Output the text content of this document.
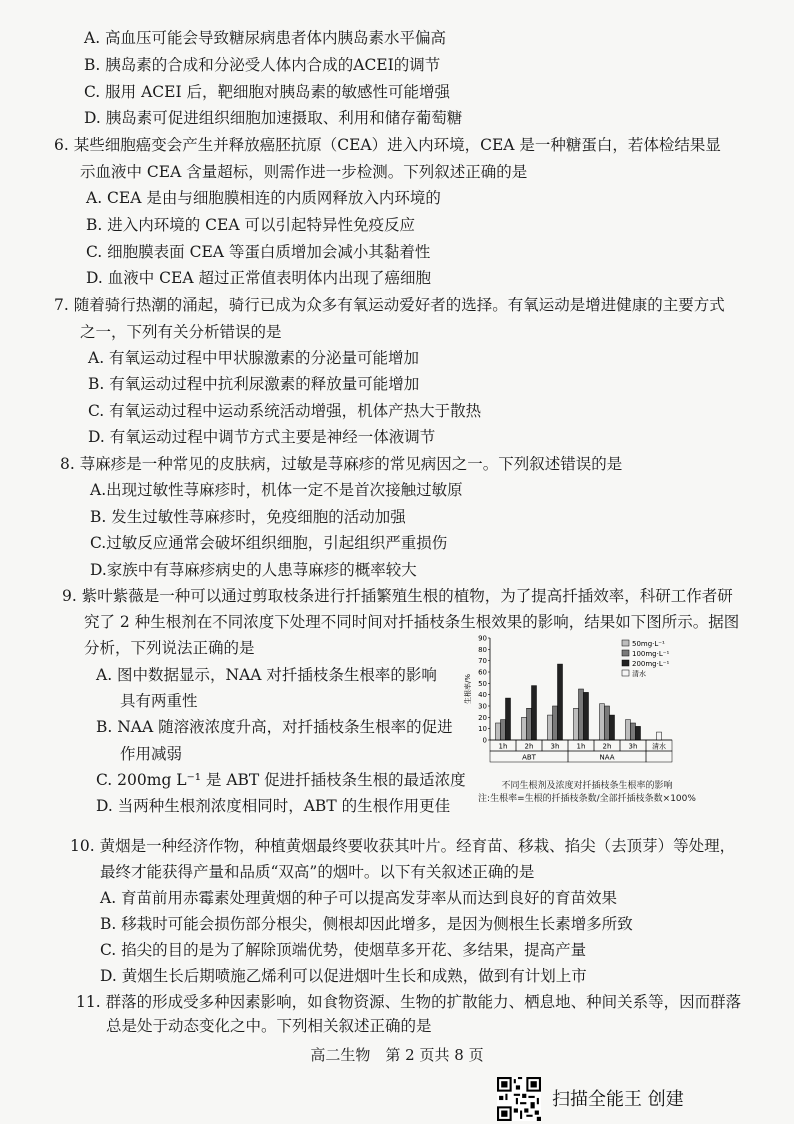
A. 高血压可能会导致糖尿病患者体内胰岛素水平偏高
B. 胰岛素的合成和分泌受人体内合成的ACEI的调节
C. 服用 ACEI 后，靶细胞对胰岛素的敏感性可能增强
D. 胰岛素可促进组织细胞加速摄取、利用和储存葡萄糖
6. 某些细胞癌变会产生并释放癌胚抗原（CEA）进入内环境，CEA 是一种糖蛋白，若体检结果显
示血液中 CEA 含量超标，则需作进一步检测。下列叙述正确的是
A. CEA 是由与细胞膜相连的内质网释放入内环境的
B. 进入内环境的 CEA 可以引起特异性免疫反应
C. 细胞膜表面 CEA 等蛋白质增加会减小其黏着性
D. 血液中 CEA 超过正常值表明体内出现了癌细胞
7. 随着骑行热潮的涌起，骑行已成为众多有氧运动爱好者的选择。有氧运动是增进健康的主要方式
之一，下列有关分析错误的是
A. 有氧运动过程中甲状腺激素的分泌量可能增加
B. 有氧运动过程中抗利尿激素的释放量可能增加
C. 有氧运动过程中运动系统活动增强，机体产热大于散热
D. 有氧运动过程中调节方式主要是神经一体液调节
8. 荨麻疹是一种常见的皮肤病，过敏是荨麻疹的常见病因之一。下列叙述错误的是
A.出现过敏性荨麻疹时，机体一定不是首次接触过敏原
B. 发生过敏性荨麻疹时，免疫细胞的活动加强
C.过敏反应通常会破坏组织细胞，引起组织严重损伤
D.家族中有荨麻疹病史的人患荨麻疹的概率较大
9. 紫叶紫薇是一种可以通过剪取枝条进行扦插繁殖生根的植物，为了提高扦插效率，科研工作者研
究了 2 种生根剂在不同浓度下处理不同时间对扦插枝条生根效果的影响，结果如下图所示。据图
分析，下列说法正确的是
A. 图中数据显示，NAA 对扦插枝条生根率的影响
具有两重性
B. NAA 随溶液浓度升高，对扦插枝条生根率的促进
作用减弱
C. 200mg L⁻¹ 是 ABT 促进扦插枝条生根的最适浓度
D. 当两种生根剂浓度相同时，ABT 的生根作用更佳
生根率/%
0
10
20
30
40
50
60
70
80
90
1h 2h 3h 1h 2h 3h 清水
ABT	NAA
50mg·L⁻¹
100mg·L⁻¹
200mg·L⁻¹
清水
不同生根剂及浓度对扦插枝条生根率的影响
注:生根率=生根的扦插枝条数/全部扦插枝条数×100%
10. 黄烟是一种经济作物，种植黄烟最终要收获其叶片。经育苗、移栽、掐尖（去顶芽）等处理，
最终才能获得产量和品质“双高”的烟叶。以下有关叙述正确的是
A. 育苗前用赤霉素处理黄烟的种子可以提高发芽率从而达到良好的育苗效果
B. 移栽时可能会损伤部分根尖，侧根却因此增多，是因为侧根生长素增多所致
C. 掐尖的目的是为了解除顶端优势，使烟草多开花、多结果，提高产量
D. 黄烟生长后期喷施乙烯利可以促进烟叶生长和成熟，做到有计划上市
11. 群落的形成受多种因素影响，如食物资源、生物的扩散能力、栖息地、种间关系等，因而群落
总是处于动态变化之中。下列相关叙述正确的是
高二生物　第 2 页共 8 页
扫描全能王 创建
